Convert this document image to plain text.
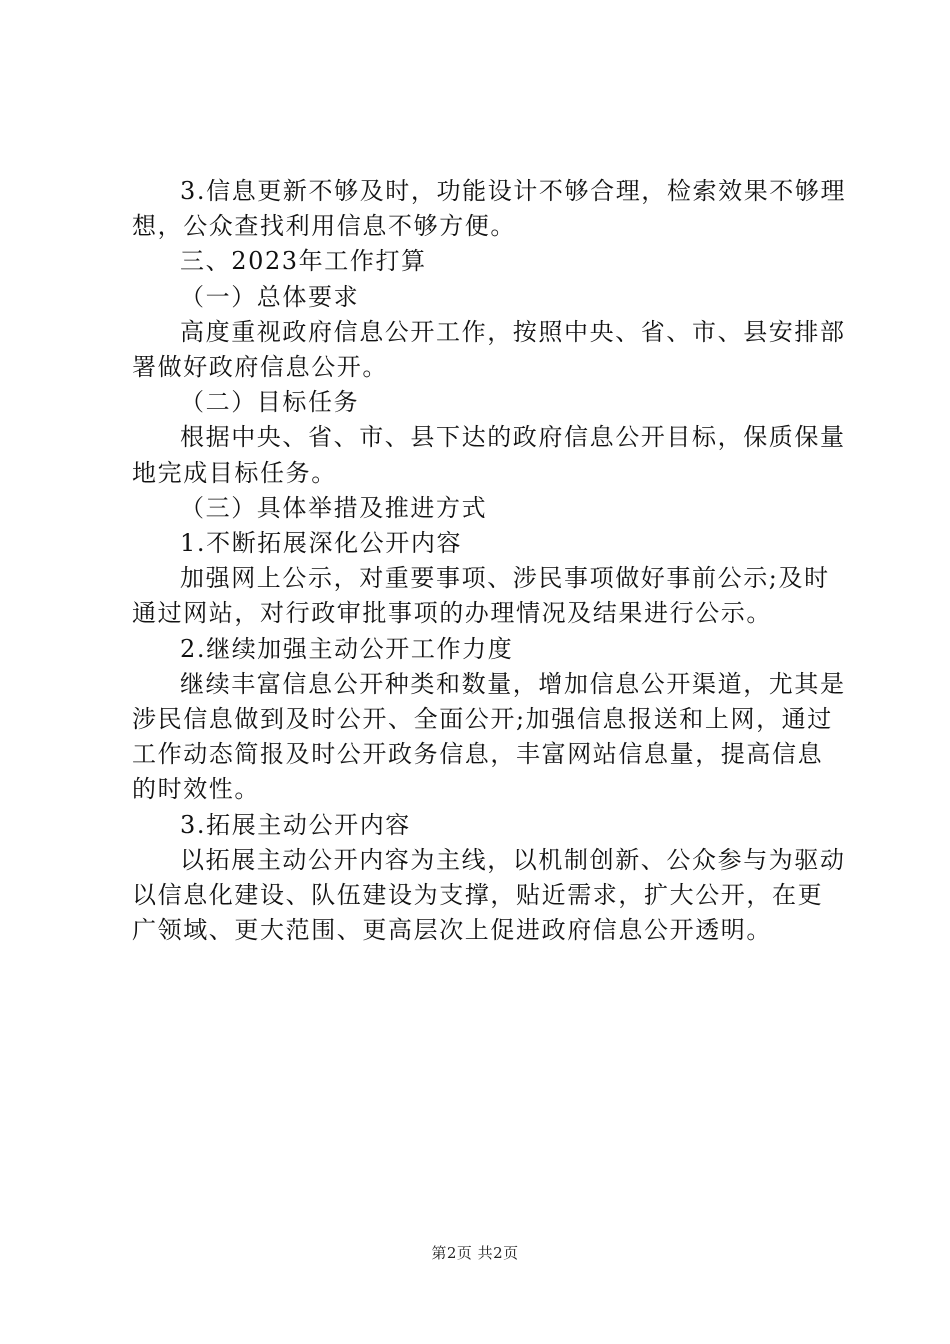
3.信息更新不够及时，功能设计不够合理，检索效果不够理
想，公众查找利用信息不够方便。
三、2023年工作打算
（一）总体要求
高度重视政府信息公开工作，按照中央、省、市、县安排部
署做好政府信息公开。
（二）目标任务
根据中央、省、市、县下达的政府信息公开目标，保质保量
地完成目标任务。
（三）具体举措及推进方式
1.不断拓展深化公开内容
加强网上公示，对重要事项、涉民事项做好事前公示;及时
通过网站，对行政审批事项的办理情况及结果进行公示。
2.继续加强主动公开工作力度
继续丰富信息公开种类和数量，增加信息公开渠道，尤其是
涉民信息做到及时公开、全面公开;加强信息报送和上网，通过
工作动态简报及时公开政务信息，丰富网站信息量，提高信息
的时效性。
3.拓展主动公开内容
以拓展主动公开内容为主线，以机制创新、公众参与为驱动
以信息化建设、队伍建设为支撑，贴近需求，扩大公开，在更
广领域、更大范围、更高层次上促进政府信息公开透明。
第2页 共2页
